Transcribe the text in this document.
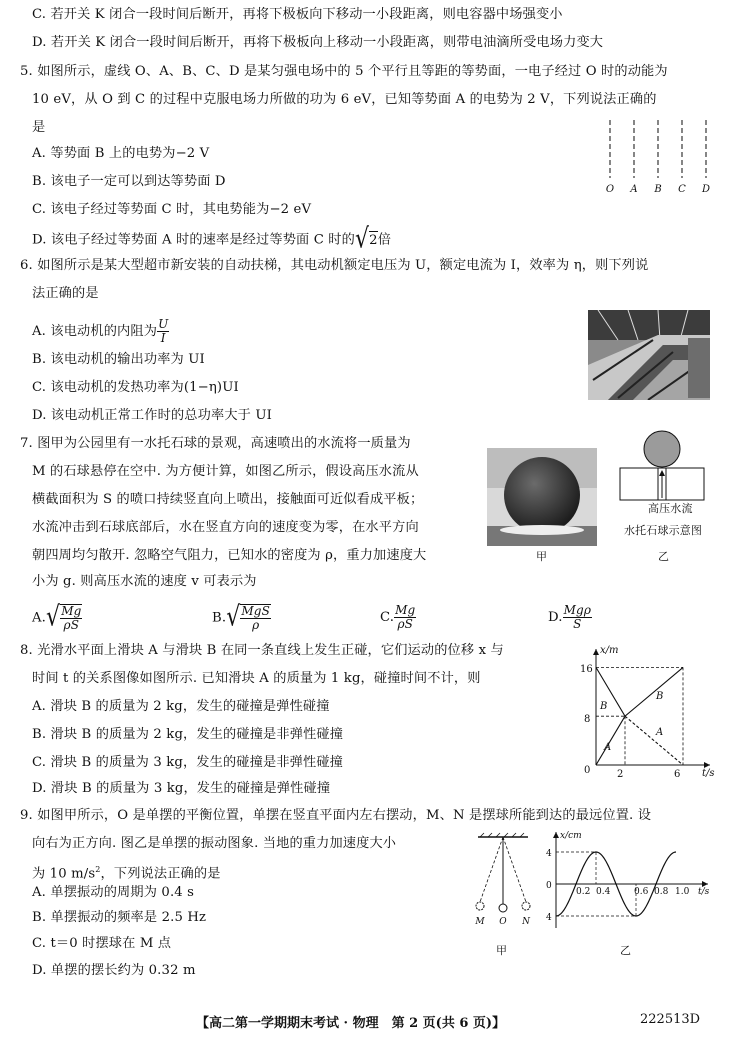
C. 若开关 K 闭合一段时间后断开，再将下极板向下移动一小段距离，则电容器中场强变小
D. 若开关 K 闭合一段时间后断开，再将下极板向上移动一小段距离，则带电油滴所受电场力变大
5. 如图所示，虚线 O、A、B、C、D 是某匀强电场中的 5 个平行且等距的等势面，一电子经过 O 时的动能为
10 eV，从 O 到 C 的过程中克服电场力所做的功为 6 eV，已知等势面 A 的电势为 2 V，下列说法正确的
是
A. 等势面 B 上的电势为−2 V
B. 该电子一定可以到达等势面 D
C. 该电子经过等势面 C 时，其电势能为−2 eV
D. 该电子经过等势面 A 时的速率是经过等势面 C 时的 √ 2 倍
O A B C D
6. 如图所示是某大型超市新安装的自动扶梯，其电动机额定电压为 U，额定电流为 I，效率为 η，则下列说
法正确的是
A. 该电动机的内阻为 $\frac{U}{I}$
B. 该电动机的输出功率为 UI
C. 该电动机的发热功率为(1−η)UI
D. 该电动机正常工作时的总功率大于 UI
7. 图甲为公园里有一水托石球的景观，高速喷出的水流将一质量为
M 的石球悬停在空中. 为方便计算，如图乙所示，假设高压水流从
横截面积为 S 的喷口持续竖直向上喷出，接触面可近似看成平板；
水流冲击到石球底部后，水在竖直方向的速度变为零，在水平方向
朝四周均匀散开. 忽略空气阻力，已知水的密度为 ρ，重力加速度大
小为 g. 则高压水流的速度 v 可表示为
甲
高压水流
水托石球示意图
乙
A. √ $\frac{Mg}{\rho S}$	B. √ $\frac{\text{MgS}}{\rho}$	C. $\frac{Mg}{\rho S}$	D. $\frac{\text{Mgρ}}{S}$
8. 光滑水平面上滑块 A 与滑块 B 在同一条直线上发生正碰，它们运动的位移 x 与
时间 t 的关系图像如图所示. 已知滑块 A 的质量为 1 kg，碰撞时间不计，则
A. 滑块 B 的质量为 2 kg，发生的碰撞是弹性碰撞
B. 滑块 B 的质量为 2 kg，发生的碰撞是非弹性碰撞
C. 滑块 B 的质量为 3 kg，发生的碰撞是非弹性碰撞
D. 滑块 B 的质量为 3 kg，发生的碰撞是弹性碰撞
x/m
t/s
16
8
0	2	6
B
A
B
A
9. 如图甲所示，O 是单摆的平衡位置，单摆在竖直平面内左右摆动，M、N 是摆球所能到达的最远位置. 设
向右为正方向. 图乙是单摆的振动图象. 当地的重力加速度大小
为 10 $m/s^2$，下列说法正确的是
A. 单摆振动的周期为 0.4 s
B. 单摆振动的频率是 2.5 Hz
C. t＝0 时摆球在 M 点
D. 单摆的摆长约为 0.32 m
M O N
甲
x/cm
t/s
4
0
4
0.2 0.4	0.6 0.8 1.0
乙
【高二第一学期期末考试 · 物理　第 2 页(共 6 页)】	222513D
